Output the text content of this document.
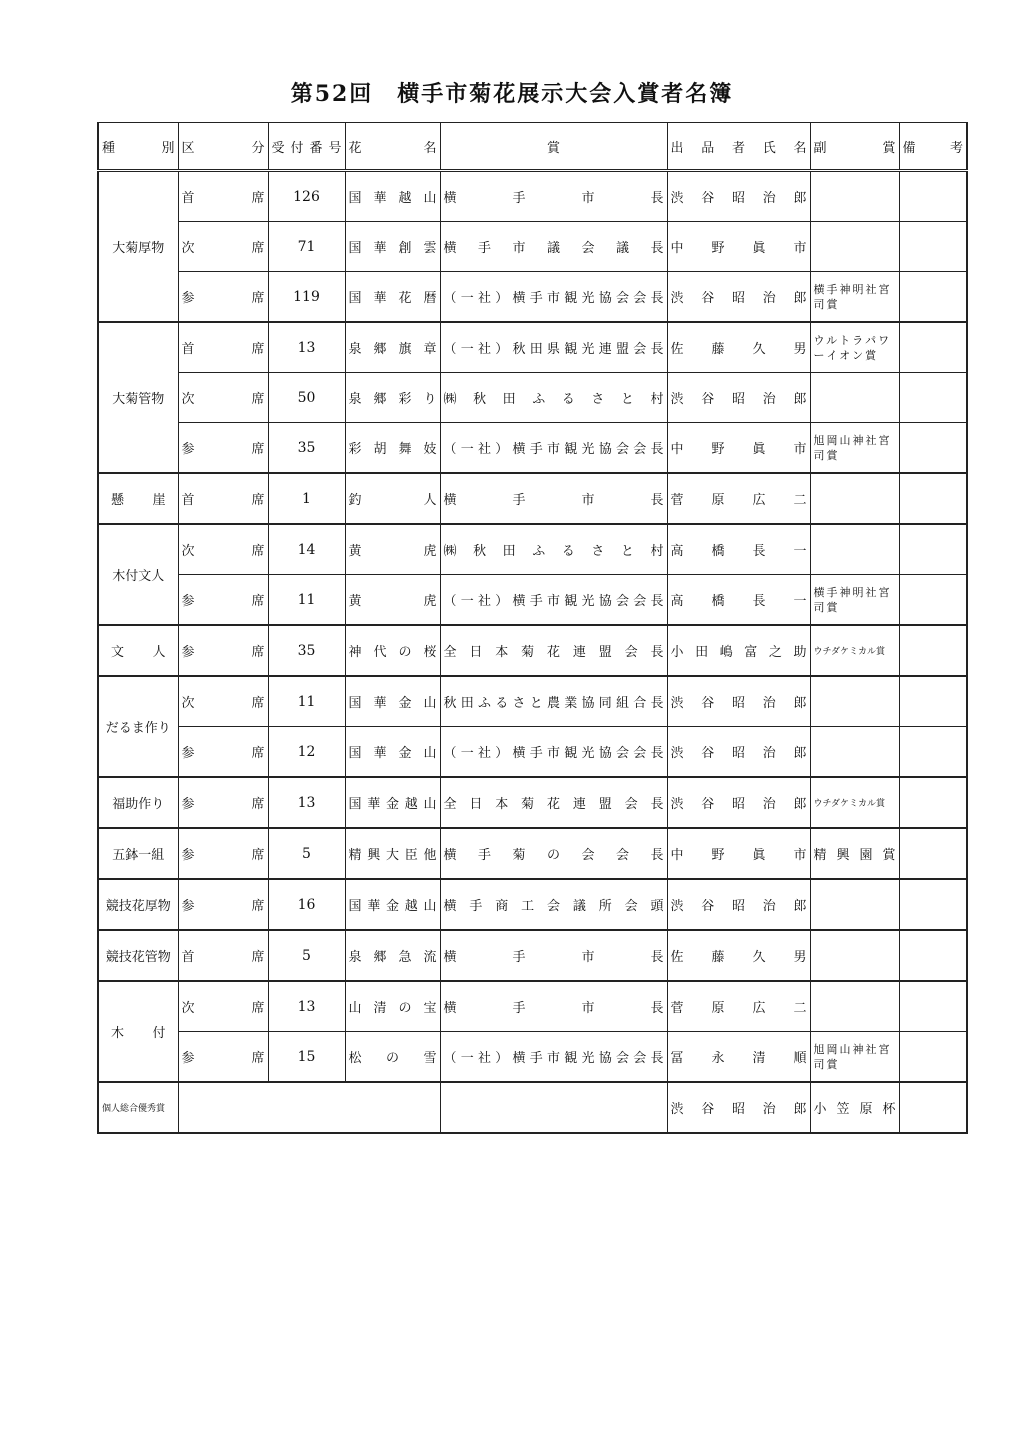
第52回　横手市菊花展示大会入賞者名簿
種　　　別	区　　　分	受付番号	花　　　名	賞	出品者氏名	副　　賞	備　　考
大菊厚物	首席	126	国華越山	横手市長	渋谷昭治郎		
	次席	71	国華創雲	横手市議会議長	中野眞市		
	参席	119	国華花暦	（一社）横手市観光協会会長	渋谷昭治郎	横手神明社宮司賞	
大菊管物	首席	13	泉郷旗章	（一社）秋田県観光連盟会長	佐藤久男	ウルトラパワーイオン賞	
	次席	50	泉郷彩り	㈱秋田ふるさと村	渋谷昭治郎		
	参席	35	彩胡舞妓	（一社）横手市観光協会会長	中野眞市	旭岡山神社宮司賞	
懸崖	首席	1	釣人	横手市長	菅原広二		
木付文人	次席	14	黄虎	㈱秋田ふるさと村	高橋長一		
	参席	11	黄虎	（一社）横手市観光協会会長	高橋長一	横手神明社宮司賞	
文人	参席	35	神代の桜	全日本菊花連盟会長	小田嶋富之助	ウチダケミカル賞	
だるま作り	次席	11	国華金山	秋田ふるさと農業協同組合長	渋谷昭治郎		
	参席	12	国華金山	（一社）横手市観光協会会長	渋谷昭治郎		
福助作り	参席	13	国華金越山	全日本菊花連盟会長	渋谷昭治郎	ウチダケミカル賞	
五鉢一組	参席	5	精興大臣他	横手菊の会会長	中野眞市	精興園賞	
競技花厚物	参席	16	国華金越山	横手商工会議所会頭	渋谷昭治郎		
競技花管物	首席	5	泉郷急流	横手市長	佐藤久男		
木付	次席	13	山清の宝	横手市長	菅原広二		
	参席	15	松の雪	（一社）横手市観光協会会長	冨永清順	旭岡山神社宮司賞	
個人総合優秀賞					渋谷昭治郎	小笠原杯	
